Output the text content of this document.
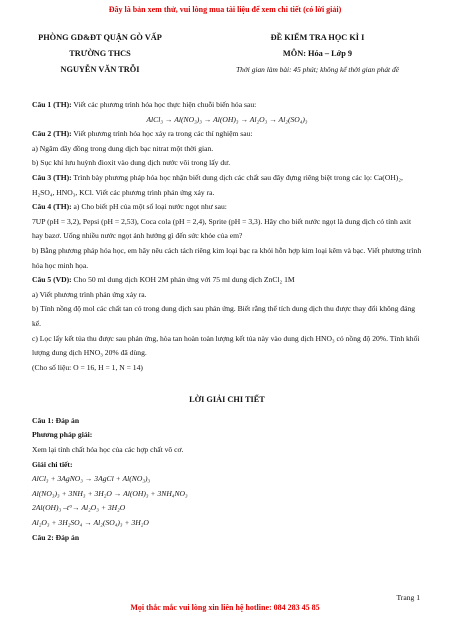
Đây là bản xem thử, vui lòng mua tài liệu để xem chi tiết (có lời giải)
PHÒNG GD&ĐT QUẬN GÒ VẤP
TRƯỜNG THCS
NGUYỄN VĂN TRỖI
ĐỀ KIỂM TRA HỌC KÌ I
MÔN: Hóa – Lớp 9
Thời gian làm bài: 45 phút; không kể thời gian phát đề

Câu 1 (TH): Viết các phương trình hóa học thực hiện chuỗi biến hóa sau:

AlCl₃ → Al(NO₃)₃ → Al(OH)₃ → Al₂O₃ → Al₂(SO₄)₃

Câu 2 (TH): Viết phương trình hóa học xảy ra trong các thí nghiệm sau:

a) Ngâm dây đồng trong dung dịch bạc nitrat một thời gian.

b) Sục khí lưu huỳnh đioxit vào dung dịch nước vôi trong lấy dư.

Câu 3 (TH): Trình bày phương pháp hóa học nhận biết dung dịch các chất sau đây đựng riêng biệt trong các lọ: Ca(OH)₂, H₂SO₄, HNO₃, KCl. Viết các phương trình phản ứng xảy ra.

Câu 4 (TH): a) Cho biết pH của một số loại nước ngọt như sau:

7UP (pH = 3,2), Pepsi (pH = 2,53), Coca cola (pH = 2,4), Sprite (pH = 3,3). Hãy cho biết nước ngọt là dung dịch có tính axit hay bazơ. Uống nhiều nước ngọt ảnh hưởng gì đến sức khỏe của em?

b) Bằng phương pháp hóa học, em hãy nêu cách tách riêng kim loại bạc ra khỏi hỗn hợp kim loại kẽm và bạc. Viết phương trình hóa học minh họa.

Câu 5 (VD): Cho 50 ml dung dịch KOH 2M phản ứng với 75 ml dung dịch ZnCl₂ 1M

a) Viết phương trình phản ứng xảy ra.

b) Tính nồng độ mol các chất tan có trong dung dịch sau phản ứng. Biết rằng thể tích dung dịch thu được thay đổi không đáng kể.

c) Lọc lấy kết tủa thu được sau phản ứng, hòa tan hoàn toàn lượng kết tủa này vào dung dịch HNO₃ có nồng độ 20%. Tính khối lượng dung dịch HNO₃ 20% đã dùng.

(Cho số liệu: O = 16, H = 1, N = 14)

LỜI GIẢI CHI TIẾT

Câu 1: Đáp án

Phương pháp giải:

Xem lại tính chất hóa học của các hợp chất vô cơ.

Giải chi tiết:

AlCl₃ + 3AgNO₃ → 3AgCl + Al(NO₃)₃

Al(NO₃)₃ + 3NH₃ + 3H₂O → Al(OH)₃ + 3NH₄NO₃

2Al(OH)₃ –t°→ Al₂O₃ + 3H₂O

Al₂O₃ + 3H₂SO₄ → Al₂(SO₄)₃ + 3H₂O

Câu 2: Đáp án

Trang 1
Mọi thắc mắc vui lòng xin liên hệ hotline: 084 283 45 85
